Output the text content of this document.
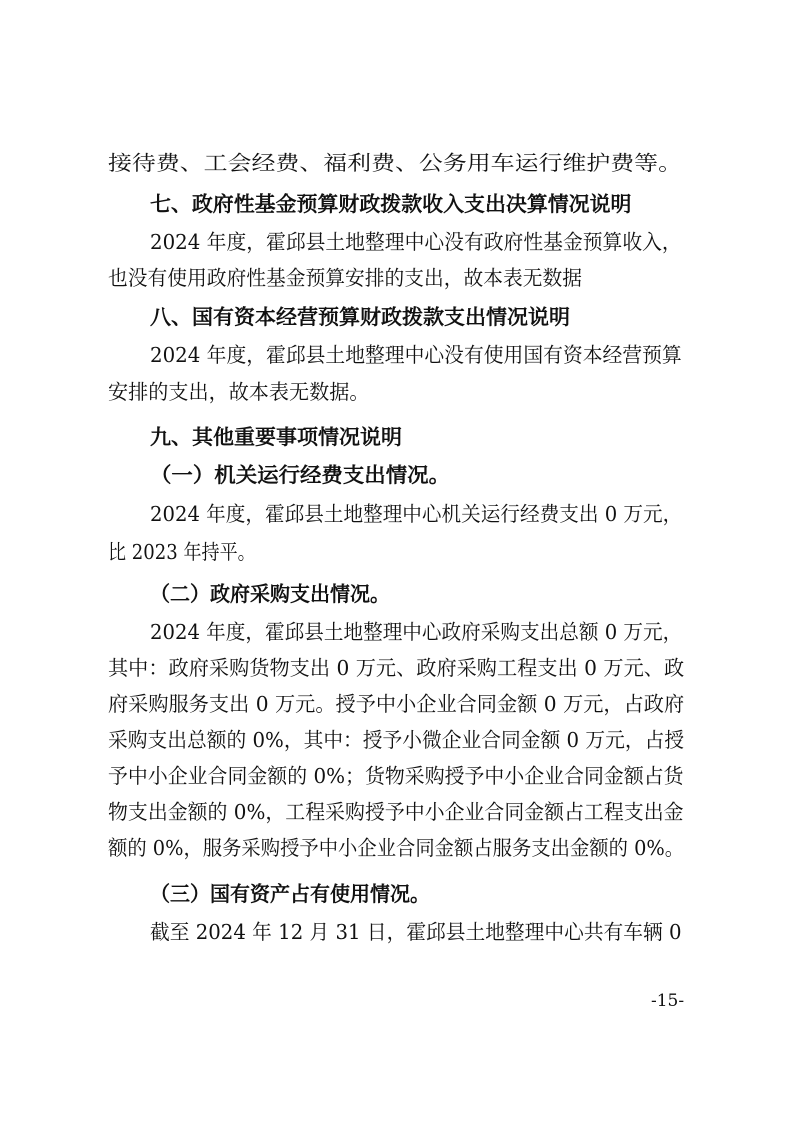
接待费、工会经费、福利费、公务用车运行维护费等。
七、政府性基金预算财政拨款收入支出决算情况说明
2024 年度，霍邱县土地整理中心没有政府性基金预算收入，
也没有使用政府性基金预算安排的支出，故本表无数据
八、国有资本经营预算财政拨款支出情况说明
2024 年度，霍邱县土地整理中心没有使用国有资本经营预算
安排的支出，故本表无数据。
九、其他重要事项情况说明
（一）机关运行经费支出情况。
2024 年度，霍邱县土地整理中心机关运行经费支出 0 万元，
比 2023 年持平。
（二）政府采购支出情况。
2024 年度，霍邱县土地整理中心政府采购支出总额 0 万元，
其中：政府采购货物支出 0 万元、政府采购工程支出 0 万元、政
府采购服务支出 0 万元。授予中小企业合同金额 0 万元，占政府
采购支出总额的 0%，其中：授予小微企业合同金额 0 万元，占授
予中小企业合同金额的 0%；货物采购授予中小企业合同金额占货
物支出金额的 0%，工程采购授予中小企业合同金额占工程支出金
额的 0%，服务采购授予中小企业合同金额占服务支出金额的 0%。
（三）国有资产占有使用情况。
截至 2024 年 12 月 31 日，霍邱县土地整理中心共有车辆 0
-15-
